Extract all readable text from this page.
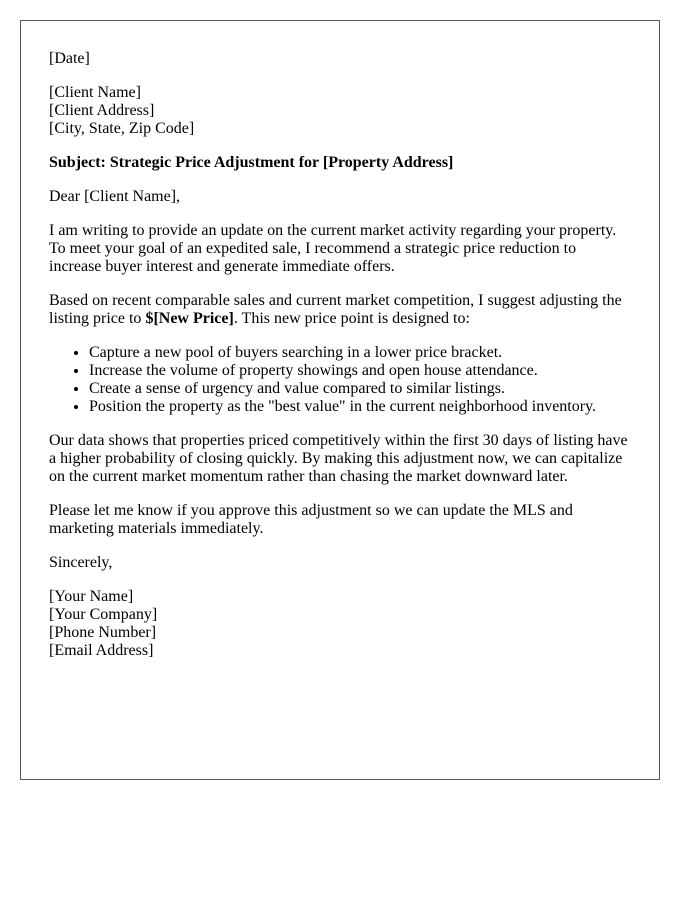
[Date]
[Client Name]
[Client Address]
[City, State, Zip Code]
Subject: Strategic Price Adjustment for [Property Address]
Dear [Client Name],

I am writing to provide an update on the current market activity regarding your property. To meet your goal of an expedited sale, I recommend a strategic price reduction to increase buyer interest and generate immediate offers.

Based on recent comparable sales and current market competition, I suggest adjusting the listing price to $[New Price]. This new price point is designed to:

• Capture a new pool of buyers searching in a lower price bracket.
• Increase the volume of property showings and open house attendance.
• Create a sense of urgency and value compared to similar listings.
• Position the property as the "best value" in the current neighborhood inventory.

Our data shows that properties priced competitively within the first 30 days of listing have a higher probability of closing quickly. By making this adjustment now, we can capitalize on the current market momentum rather than chasing the market downward later.

Please let me know if you approve this adjustment so we can update the MLS and marketing materials immediately.

Sincerely,
[Your Name]
[Your Company]
[Phone Number]
[Email Address]
